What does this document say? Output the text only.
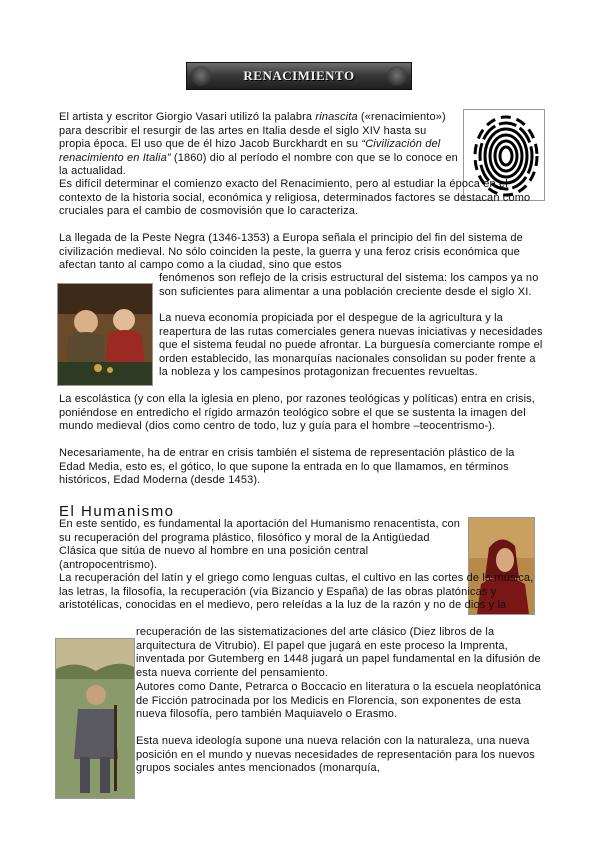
RENACIMIENTO

El artista y escritor Giorgio Vasari utilizó la palabra rinascita («renacimiento») para describir el resurgir de las artes en Italia desde el siglo XIV hasta su propia época. El uso que de él hizo Jacob Burckhardt en su “Civilización del renacimiento en Italia” (1860) dio al período el nombre con que se lo conoce en la actualidad.

Es difícil determinar el comienzo exacto del Renacimiento, pero al estudiar la época en el contexto de la historia social, económica y religiosa, determinados factores se destacan como cruciales para el cambio de cosmovisión que lo caracteriza.

La llegada de la Peste Negra (1346-1353) a Europa señala el principio del fin del sistema de civilización medieval. No sólo coinciden la peste, la guerra y una feroz crisis económica que afectan tanto al campo como a la ciudad, sino que estos

fenómenos son reflejo de la crisis estructural del sistema: los campos ya no son suficientes para alimentar a una población creciente desde el siglo XI.

La nueva economía propiciada por el despegue de la agricultura y la reapertura de las rutas comerciales genera nuevas iniciativas y necesidades que el sistema feudal no puede afrontar. La burguesía comerciante rompe el orden establecido, las monarquías nacionales consolidan su poder frente a la nobleza y los campesinos protagonizan frecuentes revueltas.

La escolástica (y con ella la iglesia en pleno, por razones teológicas y políticas) entra en crisis, poniéndose en entredicho el rígido armazón teológico sobre el que se sustenta la imagen del mundo medieval (dios como centro de todo, luz y guía para el hombre –teocentrismo-).

Necesariamente, ha de entrar en crisis también el sistema de representación plástico de la Edad Media, esto es, el gótico, lo que supone la entrada en lo que llamamos, en términos históricos, Edad Moderna (desde 1453).

El Humanismo

En este sentido, es fundamental la aportación del Humanismo renacentista, con su recuperación del programa plástico, filosófico y moral de la Antigüedad Clásica que sitúa de nuevo al hombre en una posición central (antropocentrismo).

La recuperación del latín y el griego como lenguas cultas, el cultivo en las cortes de la música, las letras, la filosofía, la recuperación (vía Bizancio y España) de las obras platónicas y aristotélicas, conocidas en el medievo, pero releídas a la luz de la razón y no de dios y la

recuperación de las sistematizaciones del arte clásico (Diez libros de la arquitectura de Vitrubio). El papel que jugará en este proceso la Imprenta, inventada por Gutemberg en 1448 jugará un papel fundamental en la difusión de esta nueva corriente del pensamiento.

Autores como Dante, Petrarca o Boccacio en literatura o la escuela neoplatónica de Ficción patrocinada por los Medicis en Florencia, son exponentes de esta nueva filosofía, pero también Maquiavelo o Erasmo.

Esta nueva ideología supone una nueva relación con la naturaleza, una nueva posición en el mundo y nuevas necesidades de representación para los nuevos grupos sociales antes mencionados (monarquía,
